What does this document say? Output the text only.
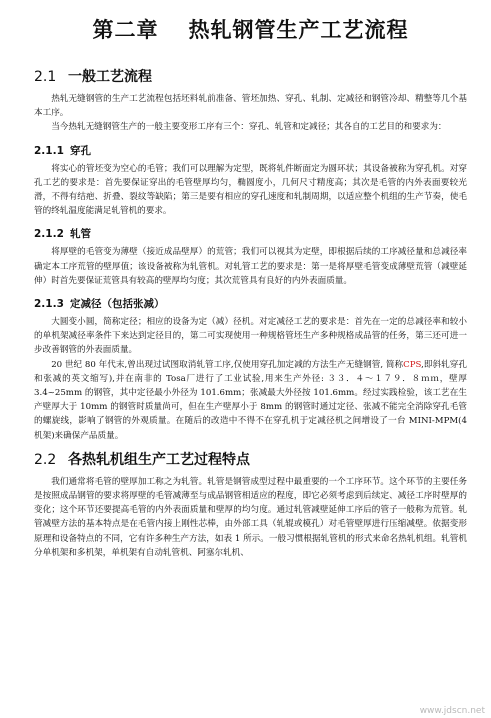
第二章 热轧钢管生产工艺流程
2.1 一般工艺流程

热轧无缝钢管的生产工艺流程包括坯料轧前准备、管坯加热、穿孔、轧制、定减径和钢管冷却、精整等几个基本工序。

当今热轧无缝钢管生产的一般主要变形工序有三个：穿孔、轧管和定减径；其各自的工艺目的和要求为：

2.1.1 穿孔

将实心的管坯变为空心的毛管；我们可以理解为定型，既将轧件断面定为圆环状；其设备被称为穿孔机。对穿孔工艺的要求是：首先要保证穿出的毛管壁厚均匀，椭圆度小，几何尺寸精度高；其次是毛管的内外表面要较光滑，不得有结疤、折叠、裂纹等缺陷；第三是要有相应的穿孔速度和轧制周期，以适应整个机组的生产节奏，使毛管的终轧温度能满足轧管机的要求。

2.1.2 轧管

将厚壁的毛管变为薄壁（接近成品壁厚）的荒管；我们可以视其为定壁，即根据后续的工序减径量和总减径率确定本工序荒管的壁厚值；该设备被称为轧管机。对轧管工艺的要求是：第一是将厚壁毛管变成薄壁荒管（减壁延伸）时首先要保证荒管具有较高的壁厚均匀度；其次荒管具有良好的内外表面质量。

2.1.3 定减径（包括张减）

大圆变小圆，简称定径；相应的设备为定（减）径机。对定减径工艺的要求是：首先在一定的总减径率和较小的单机架减径率条件下来达到定径目的，第二可实现使用一种规格管坯生产多种规格成品管的任务，第三还可进一步改善钢管的外表面质量。

20 世纪 80 年代末,曾出现过试图取消轧管工序,仅使用穿孔加定减的方法生产无缝钢管, 简称CPS,即斜轧穿孔和张减的英文缩写),并在南非的 Tosa厂进行了工业试验,用来生产外径: ３３．４～１７９．８ｍｍ，壁厚 3.4~25mm 的钢管，其中定径最小外径为 101.6mm；张减最大外径按 101.6mm。经过实践检验，该工艺在生产壁厚大于 10mm 的钢管时质量尚可，但在生产壁厚小于 8mm 的钢管时通过定径、张减不能完全消除穿孔毛管的螺旋线，影响了钢管的外观质量。在随后的改造中不得不在穿孔机于定减径机之间增设了一台 MINI-MPM(4 机架)来确保产品质量。

2.2 各热轧机组生产工艺过程特点

我们通常将毛管的壁厚加工称之为轧管。轧管是钢管成型过程中最重要的一个工序环节。这个环节的主要任务是按照成品钢管的要求将厚壁的毛管减薄至与成品钢管相适应的程度，即它必须考虑到后续定、减径工序时壁厚的变化；这个环节还要提高毛管的内外表面质量和壁厚的均匀度。通过轧管减壁延伸工序后的管子一般称为荒管。轧管减壁方法的基本特点是在毛管内接上刚性芯棒，由外部工具（轧辊或模孔）对毛管壁厚进行压缩减壁。依据变形原理和设备特点的不同，它有许多种生产方法，如表 1 所示。一般习惯根据轧管机的形式来命名热轧机组。轧管机分单机架和多机架，单机架有自动轧管机、阿塞尔轧机、

www.jdscn.net
